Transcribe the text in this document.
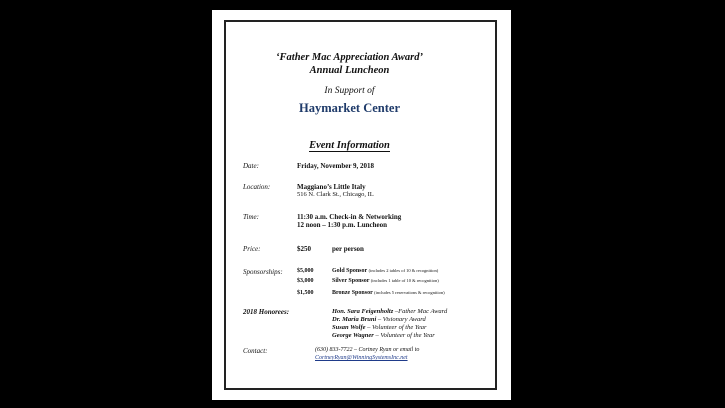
‘Father Mac Appreciation Award’
Annual Luncheon
In Support of
Haymarket Center
Event Information
Date:	Friday, November 9, 2018
Location:	Maggiano’s Little Italy
516 N. Clark St., Chicago, IL
Time:	11:30 a.m. Check-in & Networking
12 noon – 1:30 p.m. Luncheon
Price:	$250	per person
Sponsorships: $5,000	Gold Sponsor (includes 2 tables of 10 & recognition)
$3,000	Silver Sponsor (includes 1 table of 10 & recognition)
$1,500	Bronze Sponsor (includes 5 reservations & recognition)
2018 Honorees:	Hon. Sara Feigenholtz –Father Mac Award
Dr. Maria Bruni – Visionary Award
Susan Wolfe – Volunteer of the Year
George Wagner – Volunteer of the Year
Contact:	(630) 833-7722 – Cortney Ryan or email to
CortneyRyan@WinningSystemsInc.net
